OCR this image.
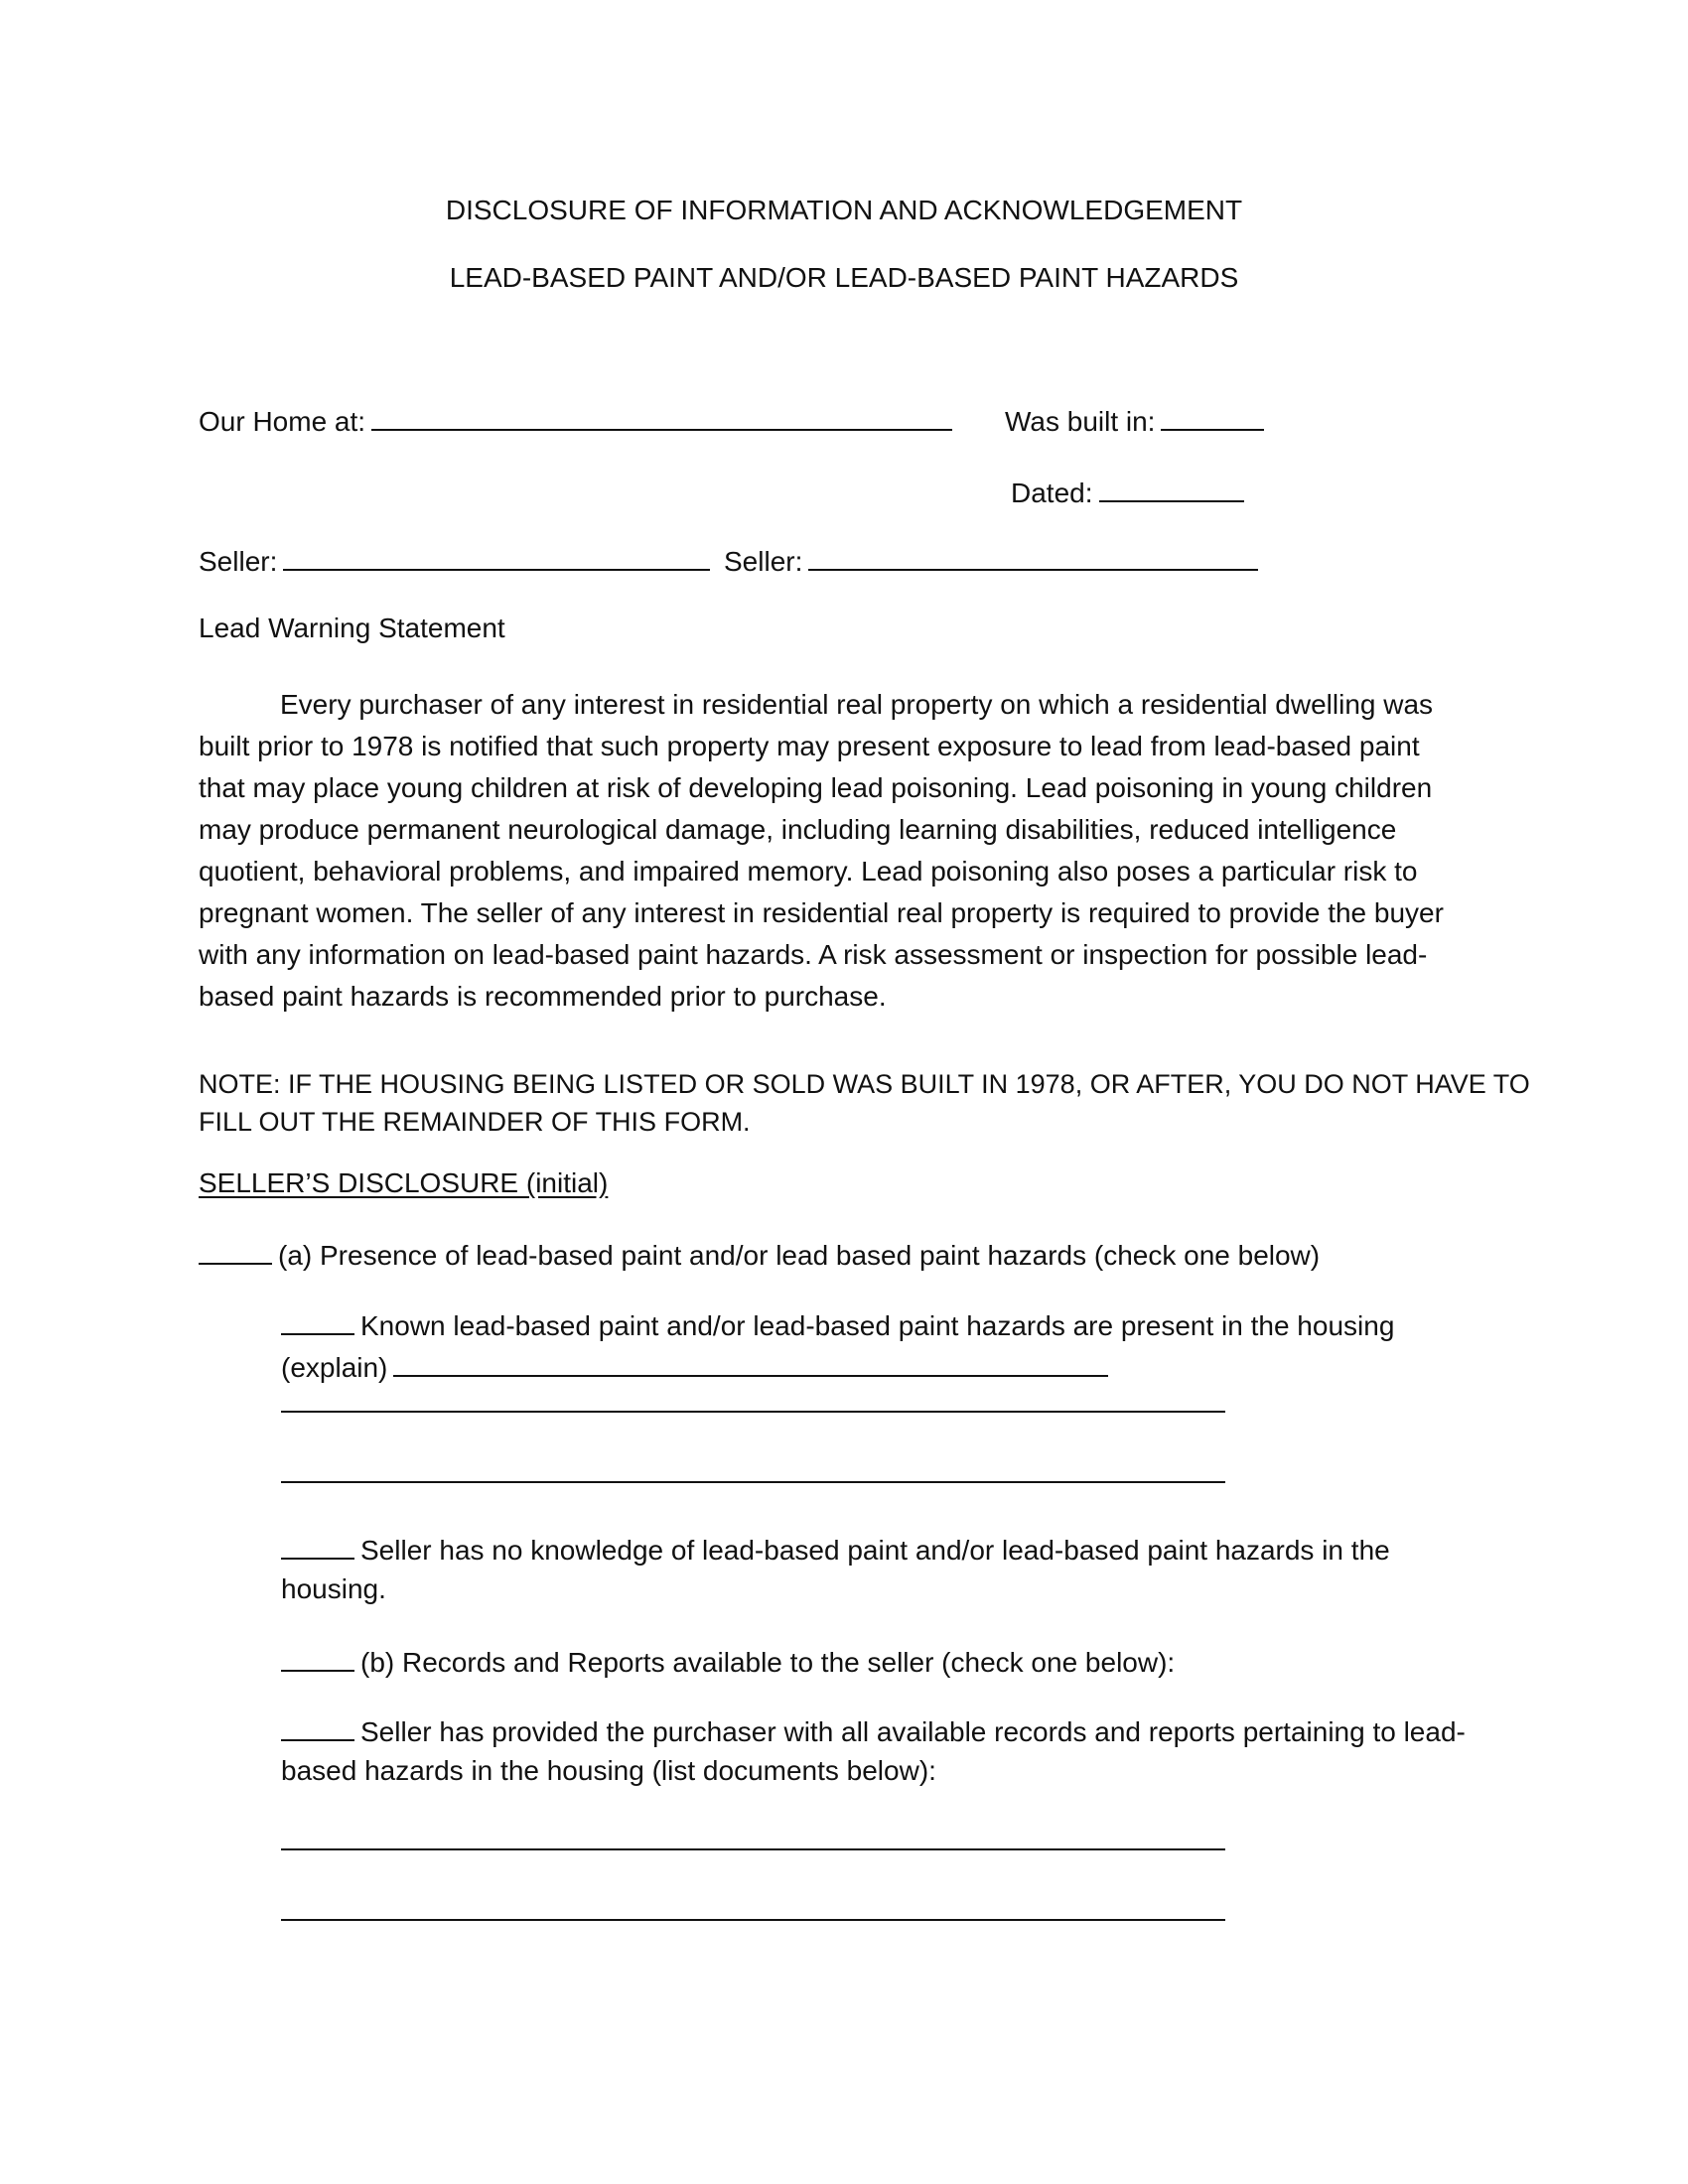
DISCLOSURE OF INFORMATION AND ACKNOWLEDGEMENT
LEAD-BASED PAINT AND/OR LEAD-BASED PAINT HAZARDS
Our Home at:	Was built in:
Dated:
Seller:	Seller:
Lead Warning Statement
Every purchaser of any interest in residential real property on which a residential dwelling was
built prior to 1978 is notified that such property may present exposure to lead from lead-based paint
that may place young children at risk of developing lead poisoning. Lead poisoning in young children
may produce permanent neurological damage, including learning disabilities, reduced intelligence
quotient, behavioral problems, and impaired memory. Lead poisoning also poses a particular risk to
pregnant women. The seller of any interest in residential real property is required to provide the buyer
with any information on lead-based paint hazards. A risk assessment or inspection for possible lead-
based paint hazards is recommended prior to purchase.
NOTE: IF THE HOUSING BEING LISTED OR SOLD WAS BUILT IN 1978, OR AFTER, YOU DO NOT HAVE TO
FILL OUT THE REMAINDER OF THIS FORM.
SELLER’S DISCLOSURE (initial)
(a) Presence of lead-based paint and/or lead based paint hazards (check one below)
Known lead-based paint and/or lead-based paint hazards are present in the housing
(explain)
Seller has no knowledge of lead-based paint and/or lead-based paint hazards in the
housing.
(b) Records and Reports available to the seller (check one below):
Seller has provided the purchaser with all available records and reports pertaining to lead-
based hazards in the housing (list documents below):
